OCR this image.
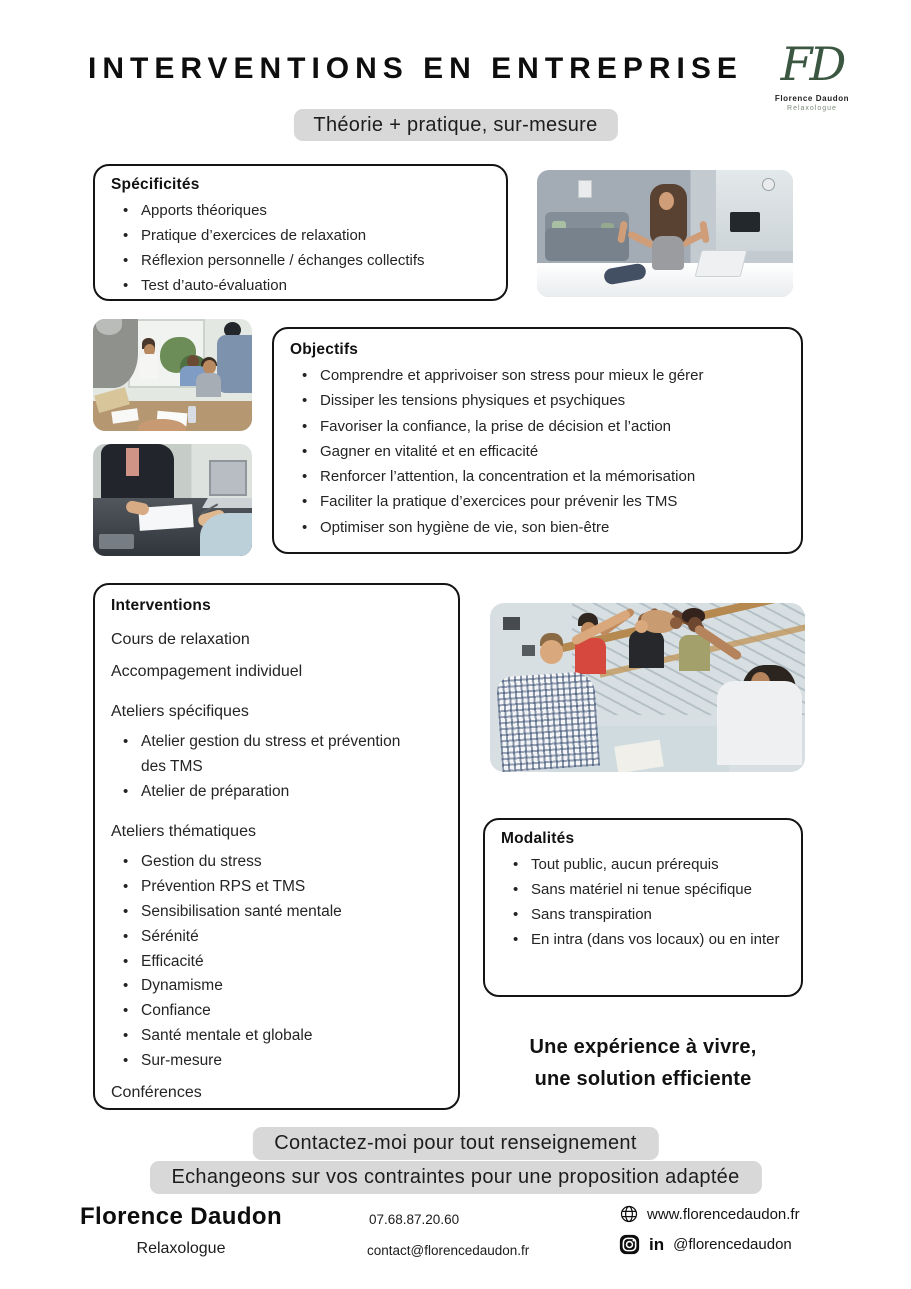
INTERVENTIONS EN ENTREPRISE FD
Florence Daudon
Relaxologue
Théorie + pratique, sur-mesure
Spécificités
• Apports théoriques
• Pratique d’exercices de relaxation
• Réflexion personnelle / échanges collectifs
• Test d’auto-évaluation
Objectifs
• Comprendre et apprivoiser son stress pour mieux le gérer
• Dissiper les tensions physiques et psychiques
• Favoriser la confiance, la prise de décision et l’action
• Gagner en vitalité et en efficacité
• Renforcer l’attention, la concentration et la mémorisation
• Faciliter la pratique d’exercices pour prévenir les TMS
• Optimiser son hygiène de vie, son bien-être
Interventions

Cours de relaxation

Accompagement individuel

Ateliers spécifiques

• Atelier gestion du stress et prévention des TMS
• Atelier de préparation

Ateliers thématiques

• Gestion du stress
• Prévention RPS et TMS
• Sensibilisation santé mentale
• Sérénité
• Efficacité
• Dynamisme
• Confiance
• Santé mentale et globale
• Sur-mesure

Conférences

Modalités
• Tout public, aucun prérequis
• Sans matériel ni tenue spécifique
• Sans transpiration
• En intra (dans vos locaux) ou en inter
Une expérience à vivre,
une solution efficiente
Contactez-moi pour tout renseignement
Echangeons sur vos contraintes pour une proposition adaptée
Florence Daudon
Relaxologue
07.68.87.20.60
contact@florencedaudon.fr
www.florencedaudon.fr
in @florencedaudon
